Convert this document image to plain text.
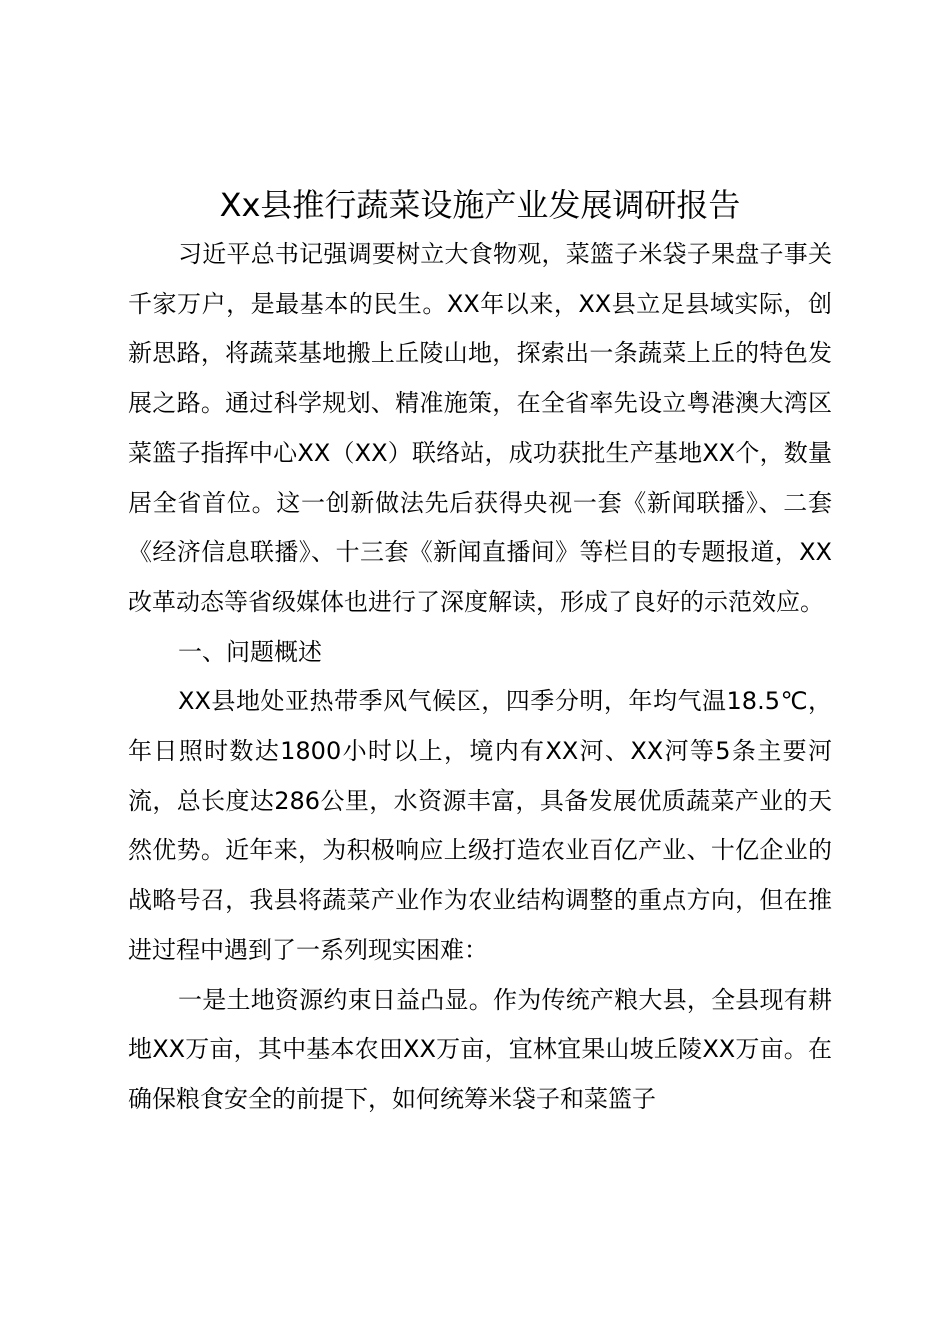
Xx县推行蔬菜设施产业发展调研报告

习近平总书记强调要树立大食物观，菜篮子米袋子果盘子事关千家万户，是最基本的民生。XX年以来，XX县立足县域实际，创新思路，将蔬菜基地搬上丘陵山地，探索出一条蔬菜上丘的特色发展之路。通过科学规划、精准施策，在全省率先设立粤港澳大湾区菜篮子指挥中心XX（XX）联络站，成功获批生产基地XX个，数量居全省首位。这一创新做法先后获得央视一套《新闻联播》、二套《经济信息联播》、十三套《新闻直播间》等栏目的专题报道，XX改革动态等省级媒体也进行了深度解读，形成了良好的示范效应。

一、问题概述

XX县地处亚热带季风气候区，四季分明，年均气温18.5℃，年日照时数达1800小时以上，境内有XX河、XX河等5条主要河流，总长度达286公里，水资源丰富，具备发展优质蔬菜产业的天然优势。近年来，为积极响应上级打造农业百亿产业、十亿企业的战略号召，我县将蔬菜产业作为农业结构调整的重点方向，但在推进过程中遇到了一系列现实困难：

一是土地资源约束日益凸显。作为传统产粮大县，全县现有耕地XX万亩，其中基本农田XX万亩，宜林宜果山坡丘陵XX万亩。在确保粮食安全的前提下，如何统筹米袋子和菜篮子
